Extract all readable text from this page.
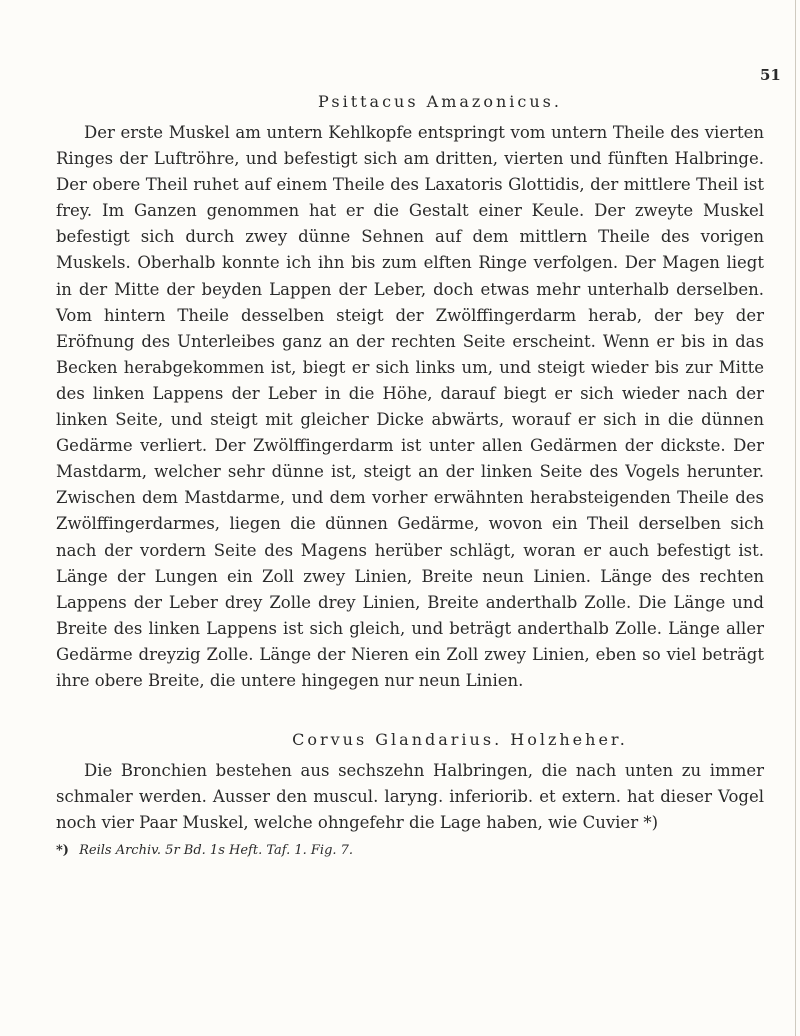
51
Psittacus Amazonicus.

Der erste Muskel am untern Kehlkopfe entspringt vom untern Theile des vierten Ringes der Luftröhre, und befestigt sich am dritten, vierten und fünften Halbringe. Der obere Theil ruhet auf einem Theile des Laxatoris Glottidis, der mittlere Theil ist frey. Im Ganzen genommen hat er die Gestalt einer Keule. Der zweyte Muskel befestigt sich durch zwey dünne Sehnen auf dem mittlern Theile des vorigen Muskels. Oberhalb konnte ich ihn bis zum elften Ringe verfolgen. Der Magen liegt in der Mitte der beyden Lappen der Leber, doch etwas mehr unterhalb derselben. Vom hintern Theile desselben steigt der Zwölffingerdarm herab, der bey der Eröfnung des Unterleibes ganz an der rechten Seite erscheint. Wenn er bis in das Becken herabgekommen ist, biegt er sich links um, und steigt wieder bis zur Mitte des linken Lappens der Leber in die Höhe, darauf biegt er sich wieder nach der linken Seite, und steigt mit gleicher Dicke abwärts, worauf er sich in die dünnen Gedärme verliert. Der Zwölffingerdarm ist unter allen Gedärmen der dickste. Der Mastdarm, welcher sehr dünne ist, steigt an der linken Seite des Vogels herunter. Zwischen dem Mastdarme, und dem vorher erwähnten herabsteigenden Theile des Zwölffingerdarmes, liegen die dünnen Gedärme, wovon ein Theil derselben sich nach der vordern Seite des Magens herüber schlägt, woran er auch befestigt ist. Länge der Lungen ein Zoll zwey Linien, Breite neun Linien. Länge des rechten Lappens der Leber drey Zolle drey Linien, Breite anderthalb Zolle. Die Länge und Breite des linken Lappens ist sich gleich, und beträgt anderthalb Zolle. Länge aller Gedärme dreyzig Zolle. Länge der Nieren ein Zoll zwey Linien, eben so viel beträgt ihre obere Breite, die untere hingegen nur neun Linien.

Corvus Glandarius. Holzheher.

Die Bronchien bestehen aus sechszehn Halbringen, die nach unten zu immer schmaler werden. Ausser den muscul. laryng. inferiorib. et extern. hat dieser Vogel noch vier Paar Muskel, welche ohngefehr die Lage haben, wie Cuvier *)

*) Reils Archiv. 5r Bd. 1s Heft. Taf. 1. Fig. 7.
